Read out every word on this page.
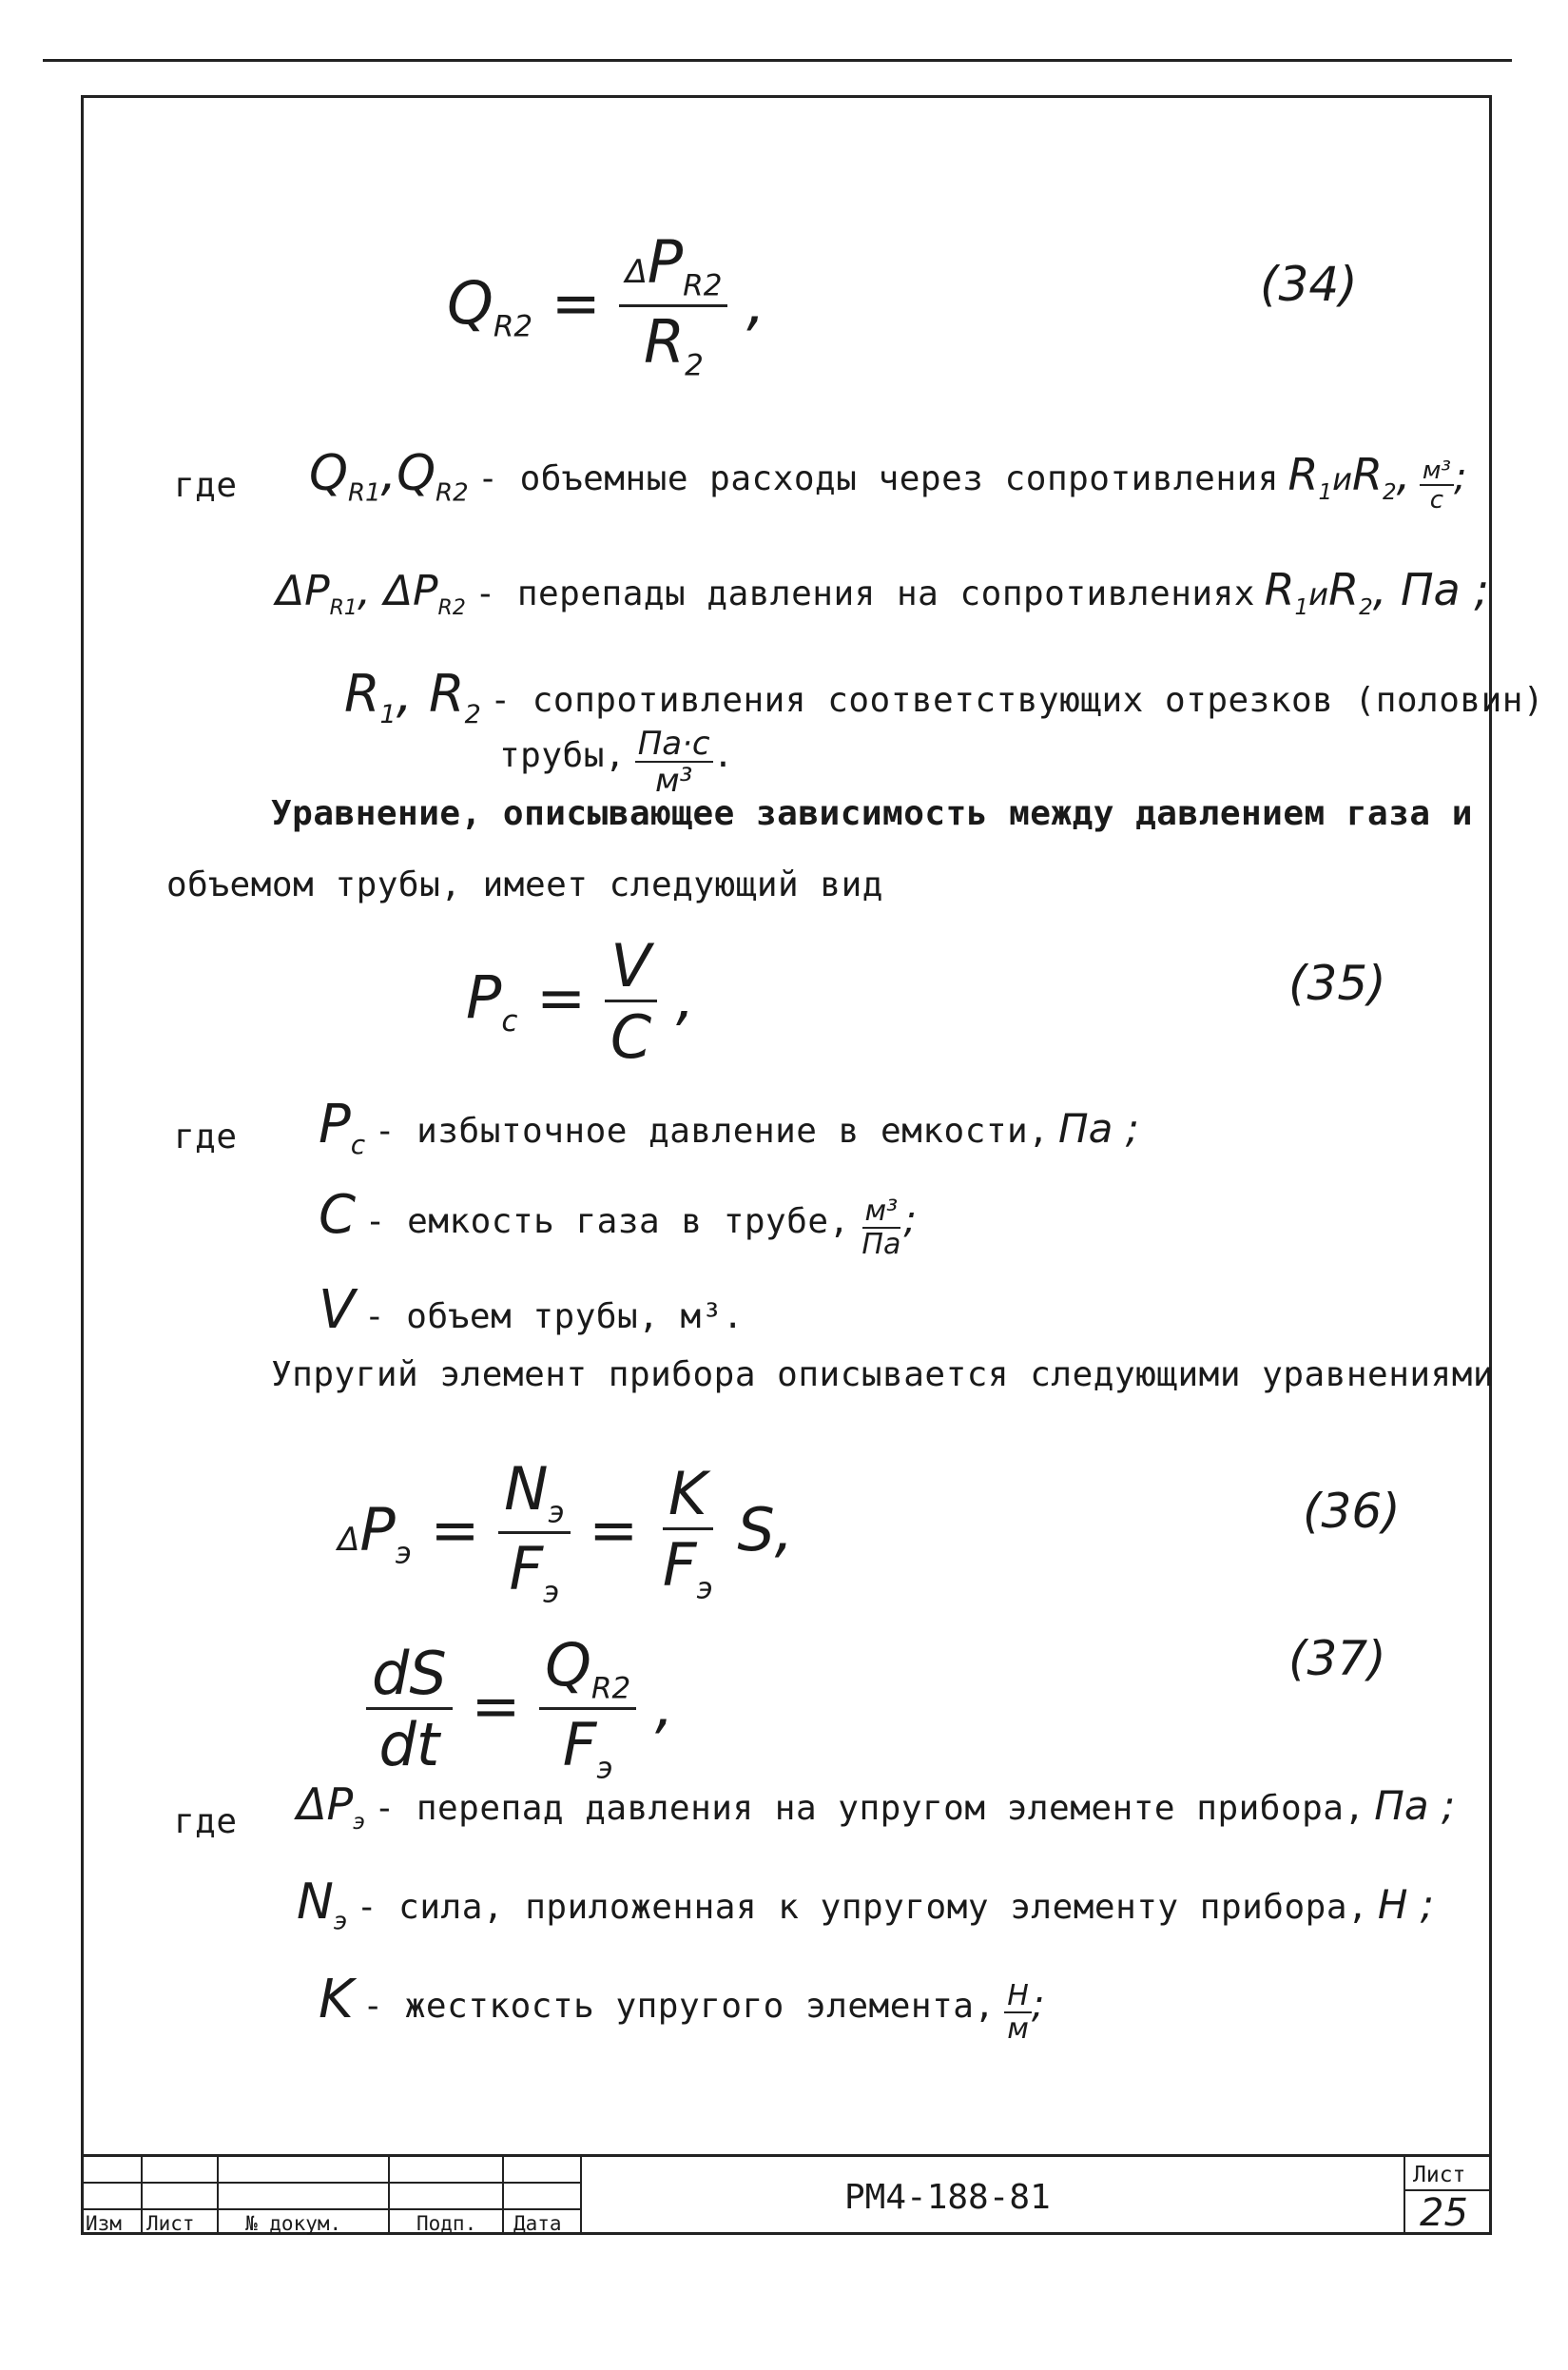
$Q_{R2} = \frac{\Delta P_{R2}}{R_2}$ ,	(34)
где $Q_{R1},Q_{R2}$ - объемные расходы через сопротивления $R_1иR_2$, $\frac{\text{м³}}{с}$ ;
$\Delta P_{R1}$, $\Delta P_{R2}$ - перепады давления на сопротивлениях $R_1иR_2$, Па ;
$R_1$, $R_2$ - сопротивления соответствующих отрезков (половин)
трубы, $\frac{Па\cdot с}{\text{м³}}$ .
Уравнение, описывающее зависимость между давлением газа и
объемом трубы, имеет следующий вид
$P_с = \frac{V}{C}$ ,	(35)
где $P_с$ - избыточное давление в емкости, Па ;
C - емкость газа в трубе, $\frac{\text{м³}}{Па}$ ;
V - объем трубы, м³.
Упругий элемент прибора описывается следующими уравнениями
$\Delta P_э = \frac{N_э}{F_э} = \frac{K}{F_э} S$,	(36)
$\frac{dS}{dt} = \frac{Q_{R2}}{F_э}$ ,
(37)
где $\Delta P_э$ - перепад давления на упругом элементе прибора, Па ;
$N_э$ - сила, приложенная к упругому элементу прибора, Н ;
K - жесткость упругого элемента, $\frac{Н}{м}$ ;
Изм Лист	№ докум.	Подп. Дата
РМ4-188-81
Лист
25
